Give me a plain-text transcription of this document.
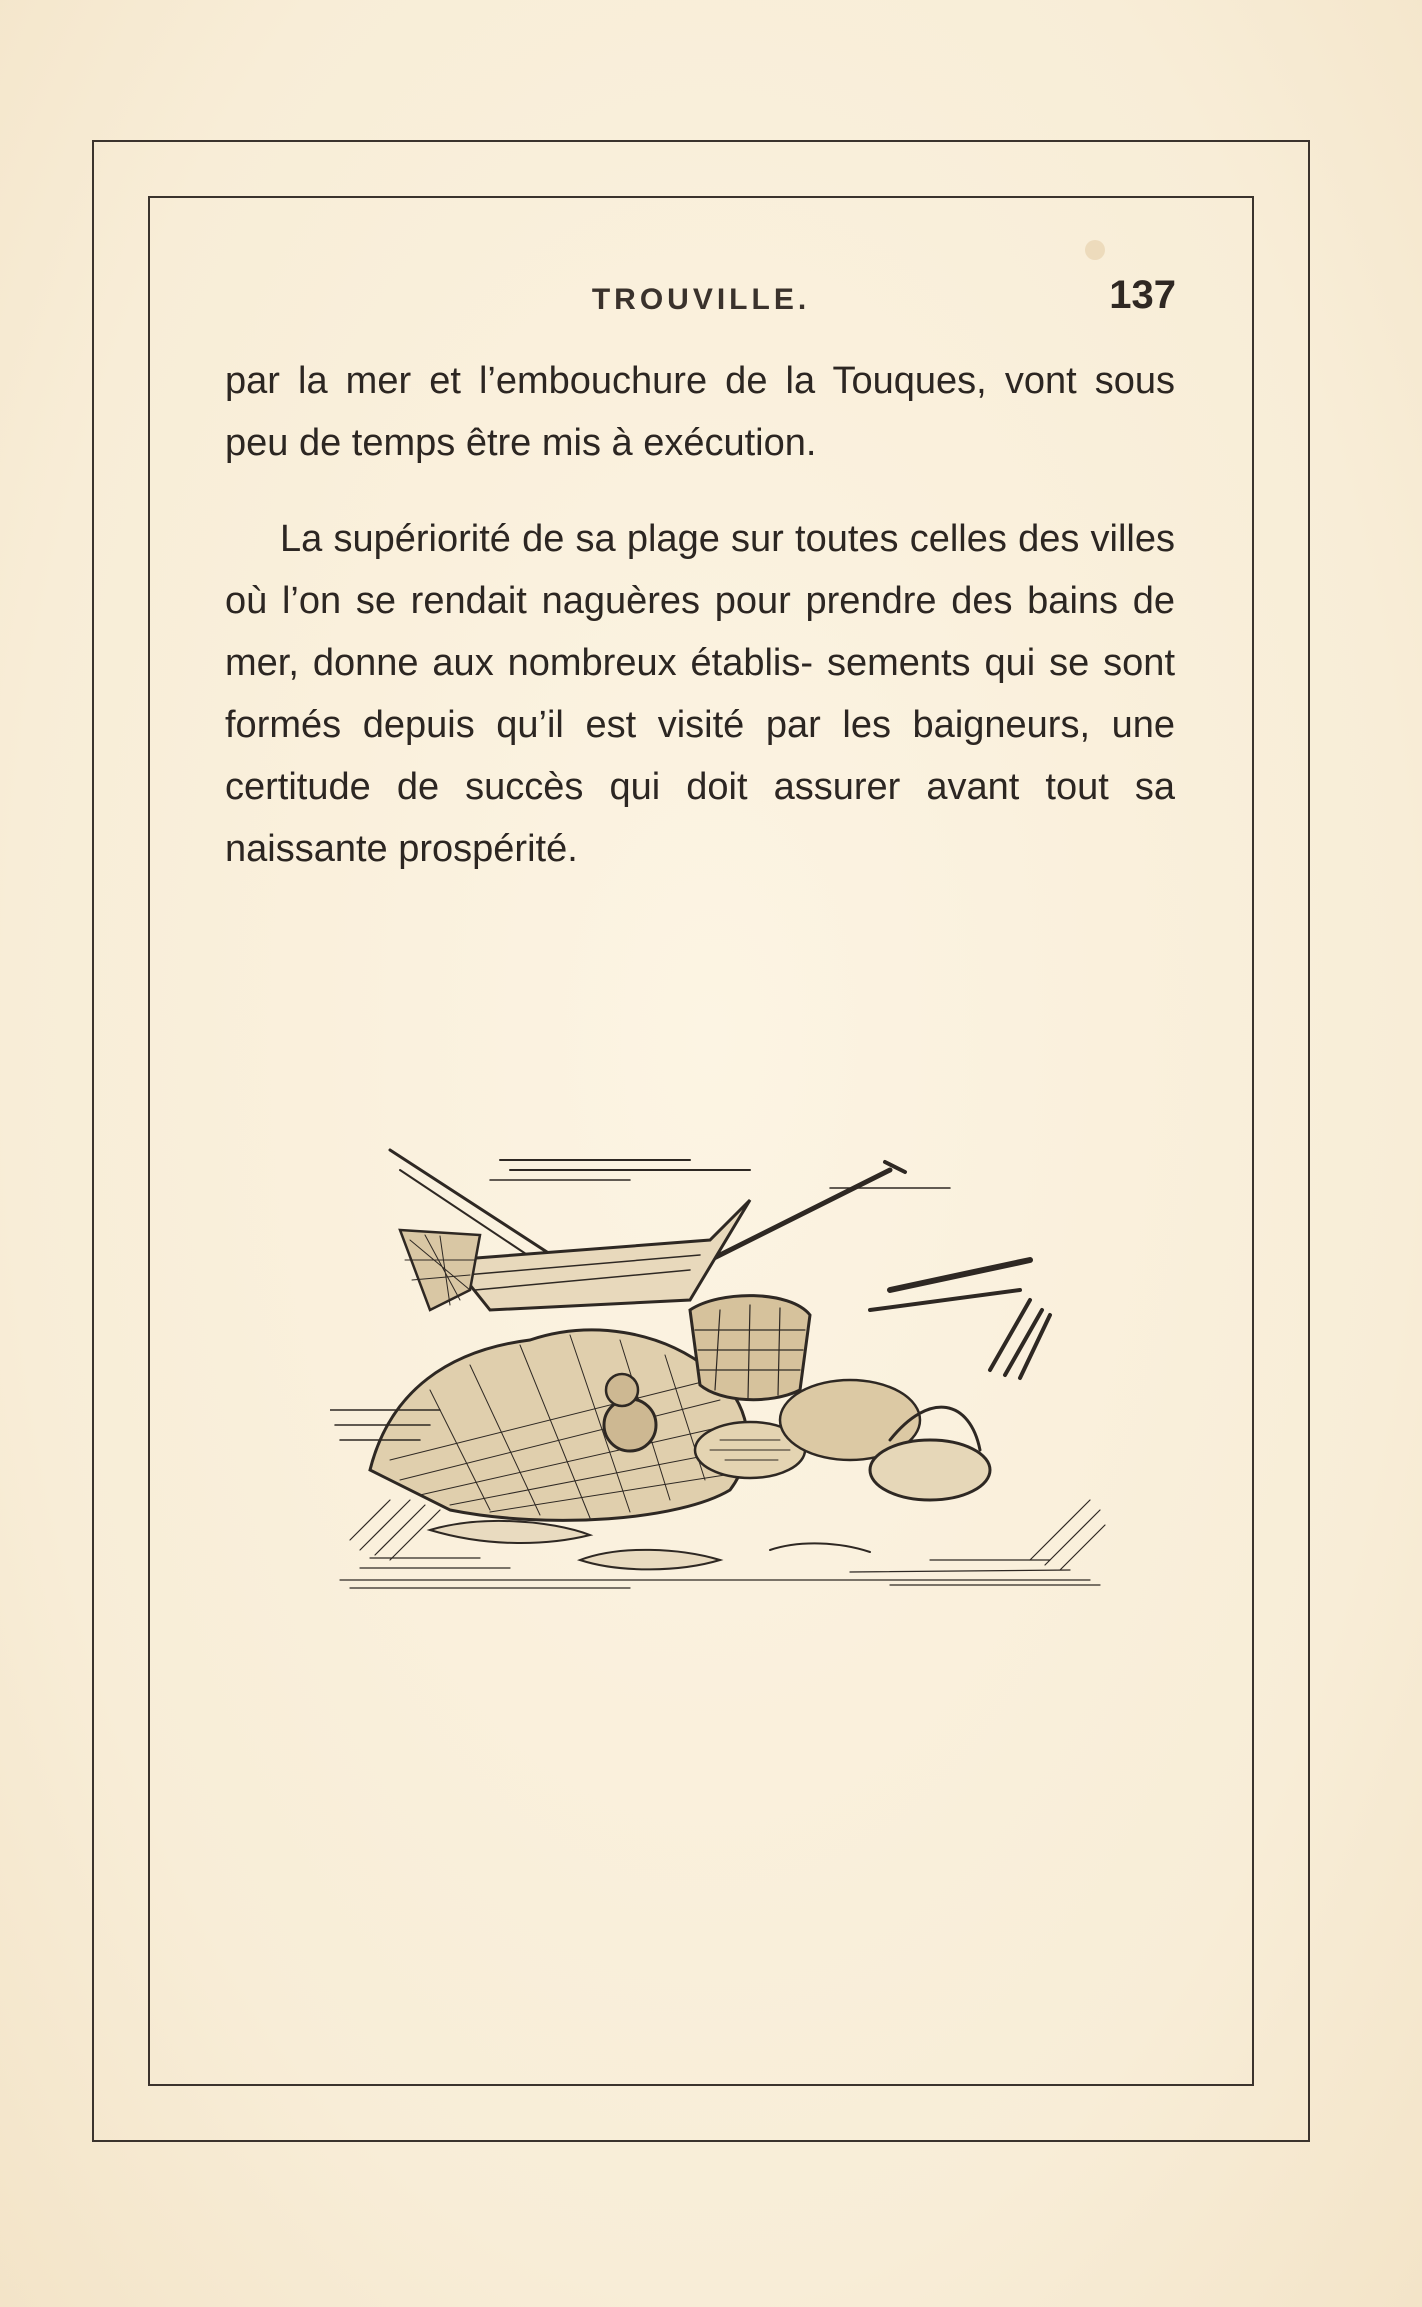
TROUVILLE.	137

par la mer et l’embouchure de la Touques, vont sous peu de temps être mis à exécution.

La supériorité de sa plage sur toutes celles des villes où l’on se rendait naguères pour prendre des bains de mer, donne aux nombreux établis- sements qui se sont formés depuis qu’il est visité par les baigneurs, une certitude de succès qui doit assurer avant tout sa naissante prospérité.
